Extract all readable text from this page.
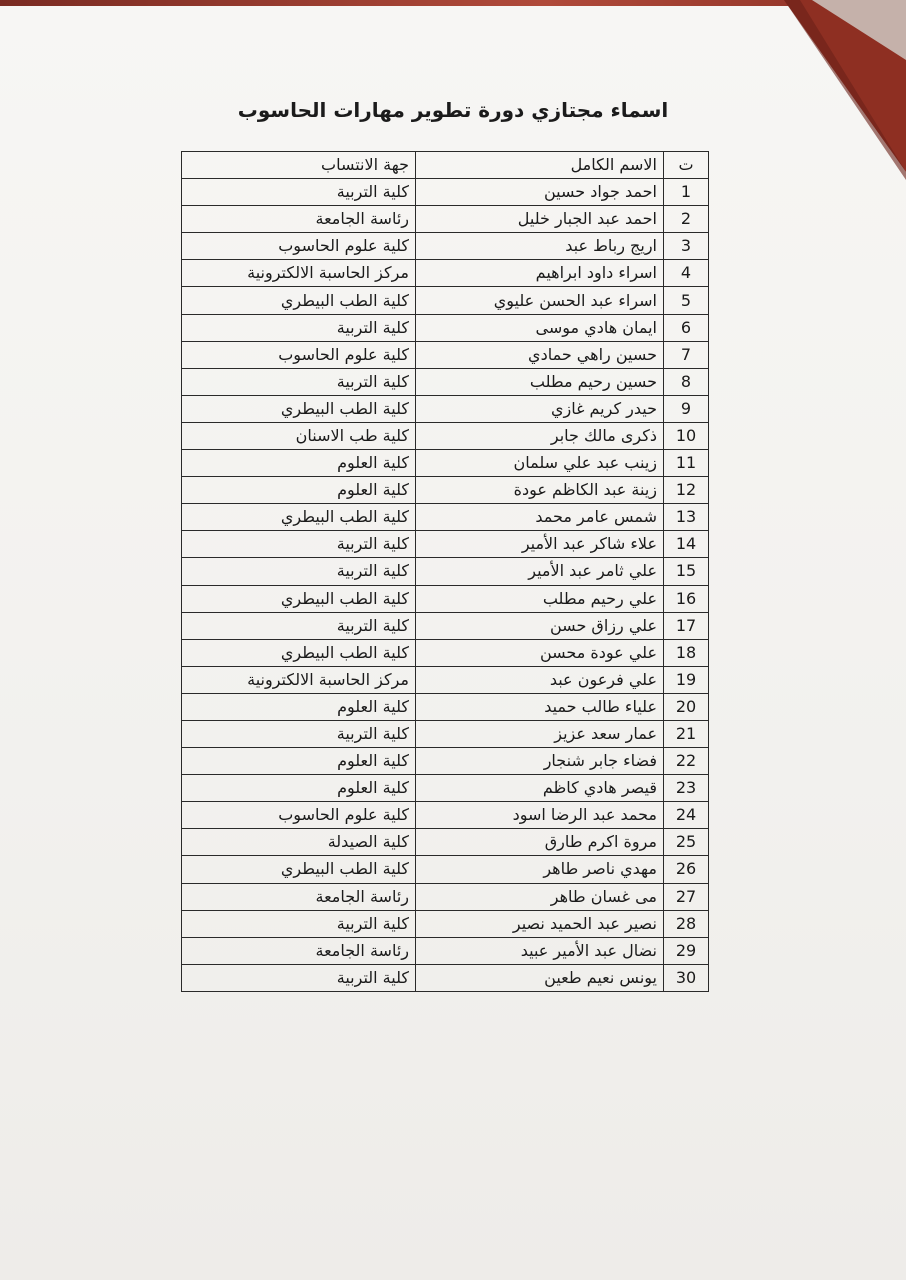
اسماء مجتازي دورة تطوير مهارات الحاسوب
ت	الاسم الكامل	جهة الانتساب
1	احمد جواد حسين	كلية التربية
2	احمد عبد الجبار خليل	رئاسة الجامعة
3	اريج رباط عبد	كلية علوم الحاسوب
4	اسراء داود ابراهيم	مركز الحاسبة الالكترونية
5	اسراء عبد الحسن عليوي	كلية الطب البيطري
6	ايمان هادي موسى	كلية التربية
7	حسين راهي حمادي	كلية علوم الحاسوب
8	حسين رحيم مطلب	كلية التربية
9	حيدر كريم غازي	كلية الطب البيطري
10	ذكرى مالك جابر	كلية طب الاسنان
11	زينب عبد علي سلمان	كلية العلوم
12	زينة عبد الكاظم عودة	كلية العلوم
13	شمس عامر محمد	كلية الطب البيطري
14	علاء شاكر عبد الأمير	كلية التربية
15	علي ثامر عبد الأمير	كلية التربية
16	علي رحيم مطلب	كلية الطب البيطري
17	علي رزاق حسن	كلية التربية
18	علي عودة محسن	كلية الطب البيطري
19	علي فرعون عبد	مركز الحاسبة الالكترونية
20	علياء طالب حميد	كلية العلوم
21	عمار سعد عزيز	كلية التربية
22	فضاء جابر شنجار	كلية العلوم
23	قيصر هادي كاظم	كلية العلوم
24	محمد عبد الرضا اسود	كلية علوم الحاسوب
25	مروة اكرم طارق	كلية الصيدلة
26	مهدي ناصر طاهر	كلية الطب البيطري
27	مى غسان طاهر	رئاسة الجامعة
28	نصير عبد الحميد نصير	كلية التربية
29	نضال عبد الأمير عبيد	رئاسة الجامعة
30	يونس نعيم طعين	كلية التربية
